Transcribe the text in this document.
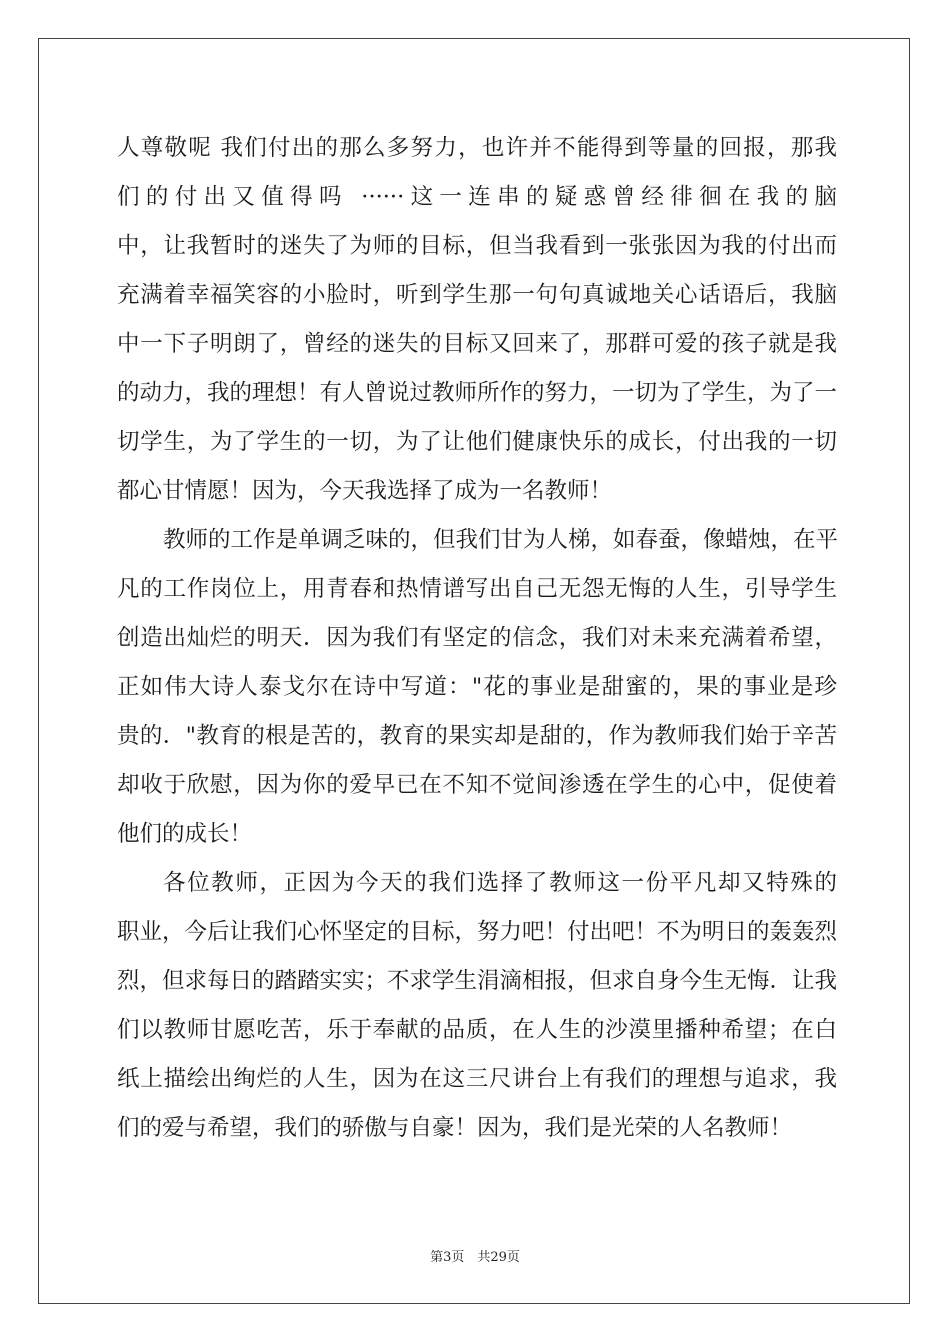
人尊敬呢 我们付出的那么多努力，也许并不能得到等量的回报，那我
们的付出又值得吗 ······这一连串的疑惑曾经徘徊在我的脑
中，让我暂时的迷失了为师的目标，但当我看到一张张因为我的付出而
充满着幸福笑容的小脸时，听到学生那一句句真诚地关心话语后，我脑
中一下子明朗了，曾经的迷失的目标又回来了，那群可爱的孩子就是我
的动力，我的理想！有人曾说过教师所作的努力，一切为了学生，为了一
切学生，为了学生的一切，为了让他们健康快乐的成长，付出我的一切
都心甘情愿！因为，今天我选择了成为一名教师！
教师的工作是单调乏味的，但我们甘为人梯，如春蚕，像蜡烛，在平
凡的工作岗位上，用青春和热情谱写出自己无怨无悔的人生，引导学生
创造出灿烂的明天．因为我们有坚定的信念，我们对未来充满着希望，
正如伟大诗人泰戈尔在诗中写道："花的事业是甜蜜的，果的事业是珍
贵的．"教育的根是苦的，教育的果实却是甜的，作为教师我们始于辛苦
却收于欣慰，因为你的爱早已在不知不觉间渗透在学生的心中，促使着
他们的成长！
各位教师，正因为今天的我们选择了教师这一份平凡却又特殊的
职业，今后让我们心怀坚定的目标，努力吧！付出吧！不为明日的轰轰烈
烈，但求每日的踏踏实实；不求学生涓滴相报，但求自身今生无悔．让我
们以教师甘愿吃苦，乐于奉献的品质，在人生的沙漠里播种希望；在白
纸上描绘出绚烂的人生，因为在这三尺讲台上有我们的理想与追求，我
们的爱与希望，我们的骄傲与自豪！因为，我们是光荣的人名教师！
第3页　共29页
